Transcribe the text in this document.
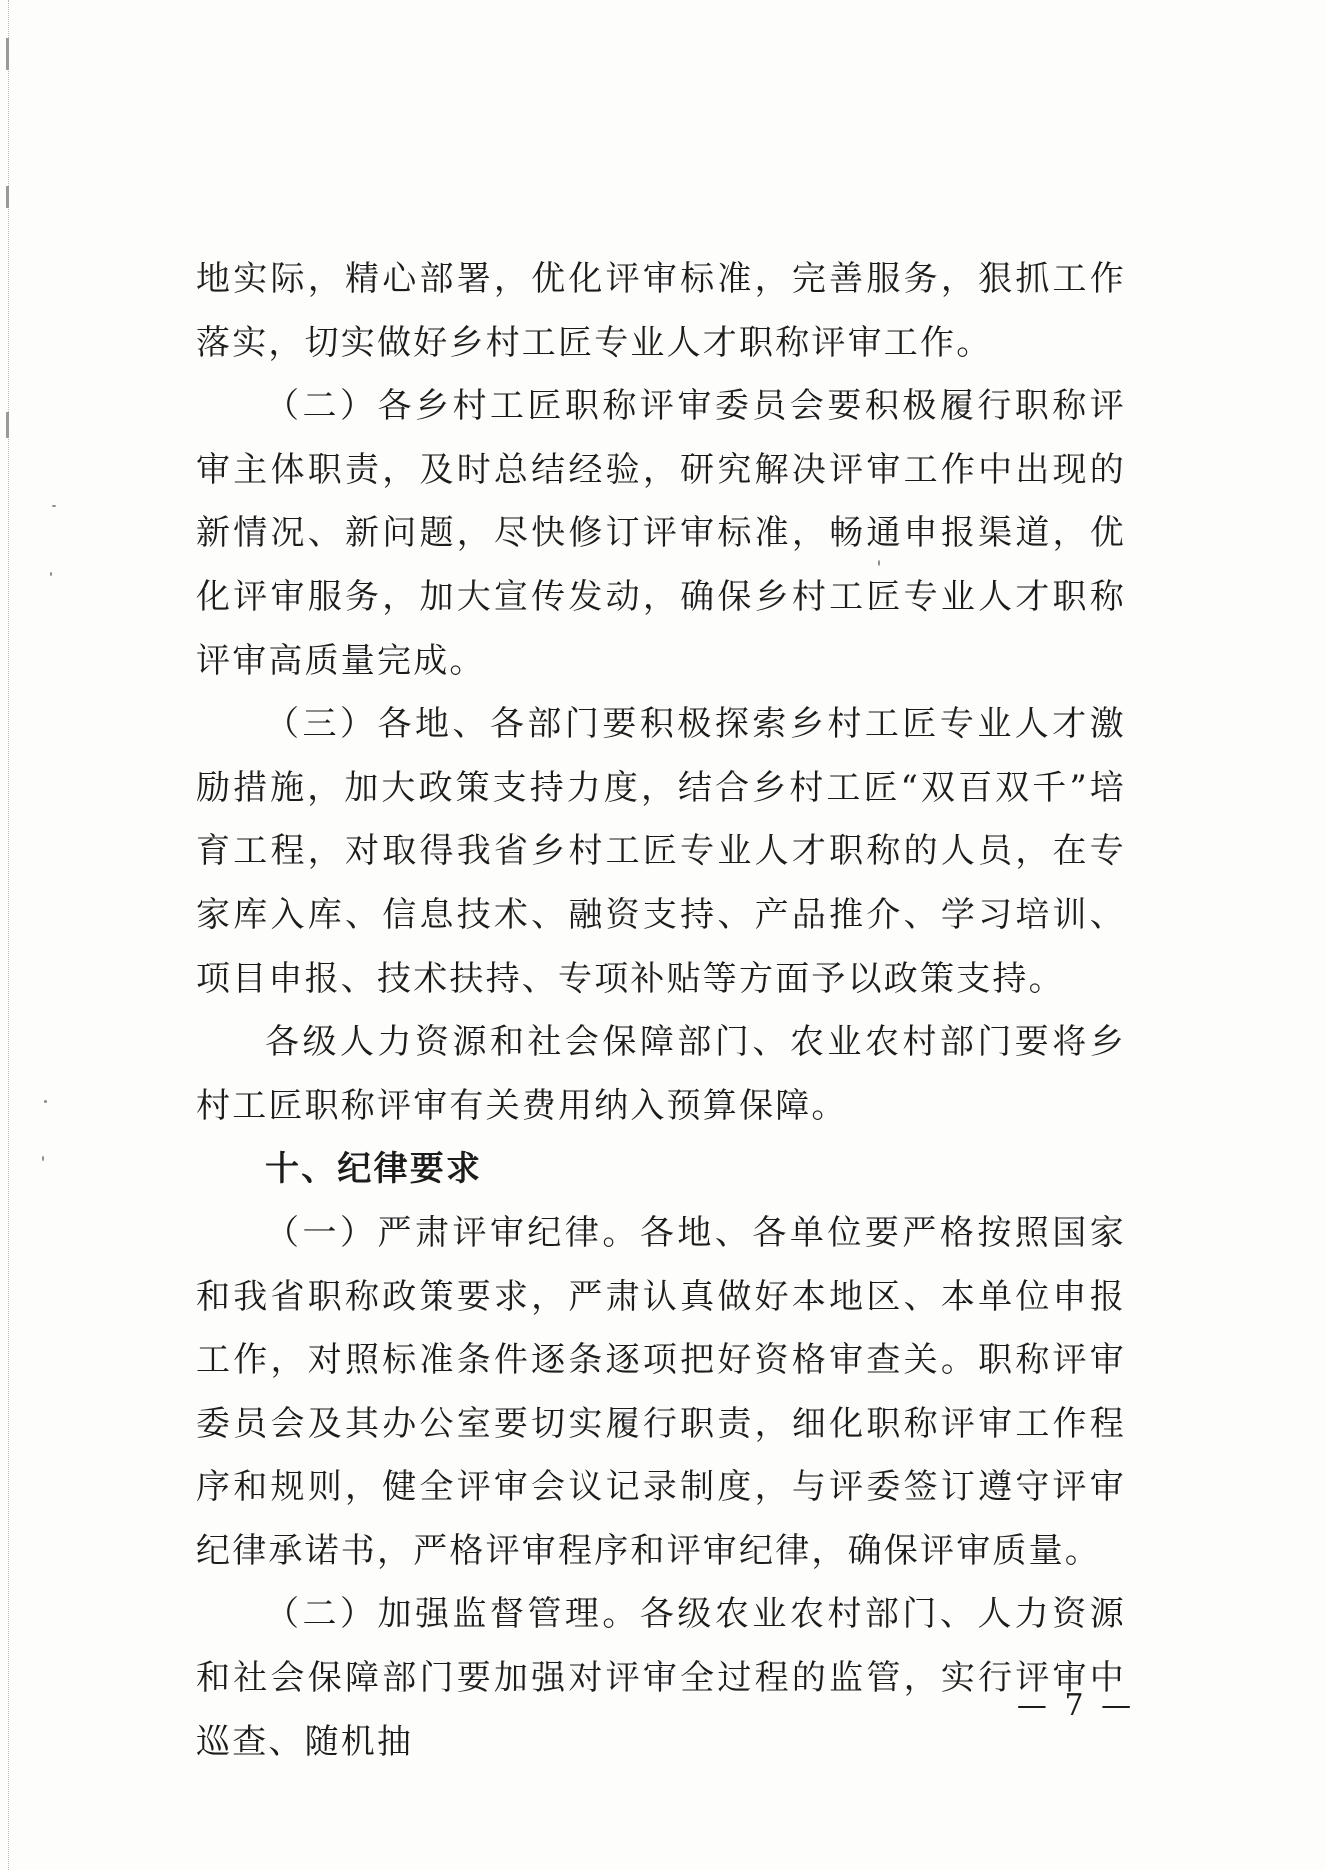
地实际，精心部署，优化评审标准，完善服务，狠抓工作落实，切实做好乡村工匠专业人才职称评审工作。

（二）各乡村工匠职称评审委员会要积极履行职称评审主体职责，及时总结经验，研究解决评审工作中出现的新情况、新问题，尽快修订评审标准，畅通申报渠道，优化评审服务，加大宣传发动，确保乡村工匠专业人才职称评审高质量完成。

（三）各地、各部门要积极探索乡村工匠专业人才激励措施，加大政策支持力度，结合乡村工匠“双百双千”培育工程，对取得我省乡村工匠专业人才职称的人员，在专家库入库、信息技术、融资支持、产品推介、学习培训、项目申报、技术扶持、专项补贴等方面予以政策支持。

各级人力资源和社会保障部门、农业农村部门要将乡村工匠职称评审有关费用纳入预算保障。

十、纪律要求

（一）严肃评审纪律。各地、各单位要严格按照国家和我省职称政策要求，严肃认真做好本地区、本单位申报工作，对照标准条件逐条逐项把好资格审查关。职称评审委员会及其办公室要切实履行职责，细化职称评审工作程序和规则，健全评审会议记录制度，与评委签订遵守评审纪律承诺书，严格评审程序和评审纪律，确保评审质量。

（二）加强监督管理。各级农业农村部门、人力资源和社会保障部门要加强对评审全过程的监管，实行评审中巡查、随机抽

— 7 —
